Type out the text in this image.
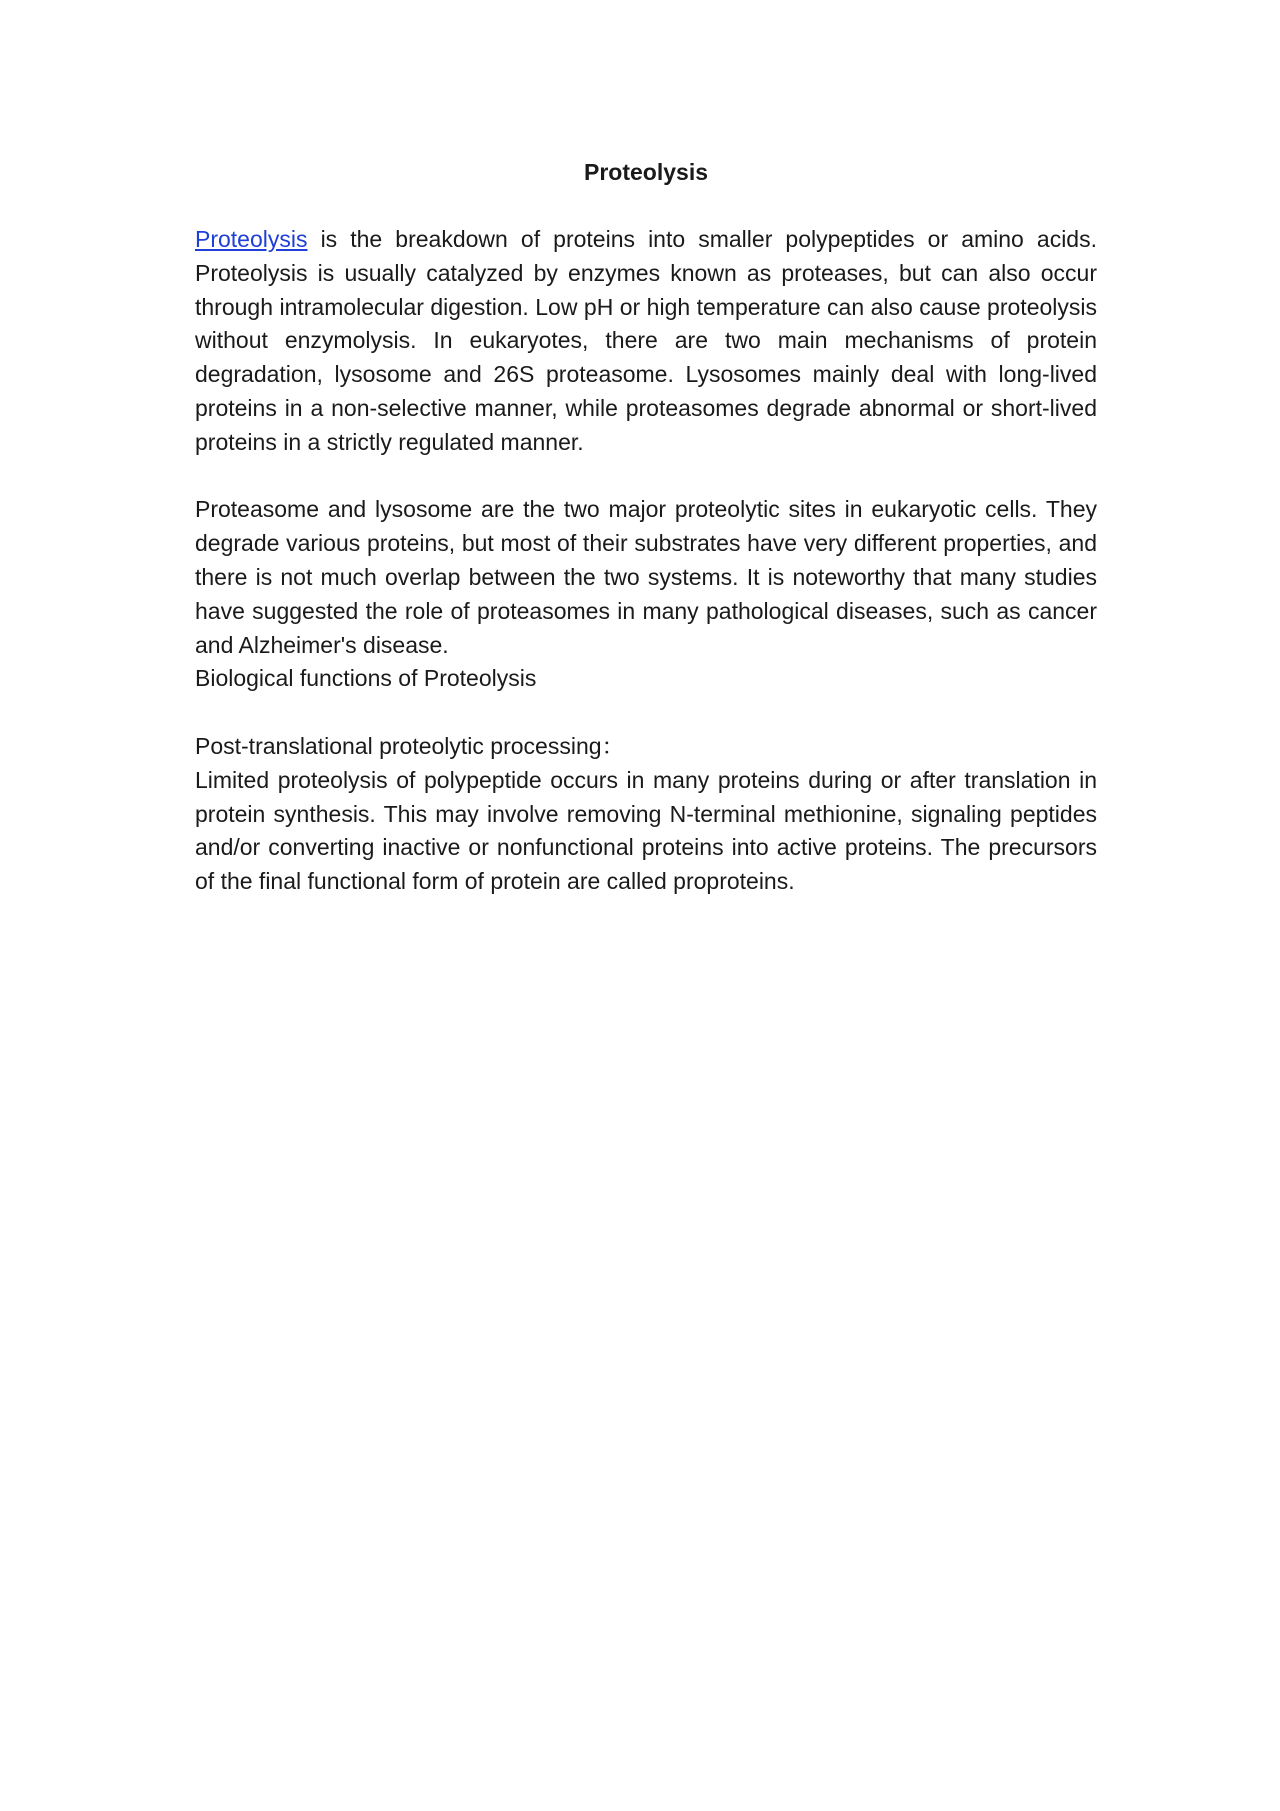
Proteolysis

Proteolysis is the breakdown of proteins into smaller polypeptides or amino acids. Proteolysis is usually catalyzed by enzymes known as proteases, but can also occur through intramolecular digestion. Low pH or high temperature can also cause proteolysis without enzymolysis. In eukaryotes, there are two main mechanisms of protein degradation, lysosome and 26S proteasome. Lysosomes mainly deal with long-lived proteins in a non-selective manner, while proteasomes degrade abnormal or short-lived proteins in a strictly regulated manner.

Proteasome and lysosome are the two major proteolytic sites in eukaryotic cells. They degrade various proteins, but most of their substrates have very different properties, and there is not much overlap between the two systems. It is noteworthy that many studies have suggested the role of proteasomes in many pathological diseases, such as cancer and Alzheimer's disease.

Biological functions of Proteolysis

Post-translational proteolytic processing：

Limited proteolysis of polypeptide occurs in many proteins during or after translation in protein synthesis. This may involve removing N-terminal methionine, signaling peptides and/or converting inactive or nonfunctional proteins into active proteins. The precursors of the final functional form of protein are called proproteins.
